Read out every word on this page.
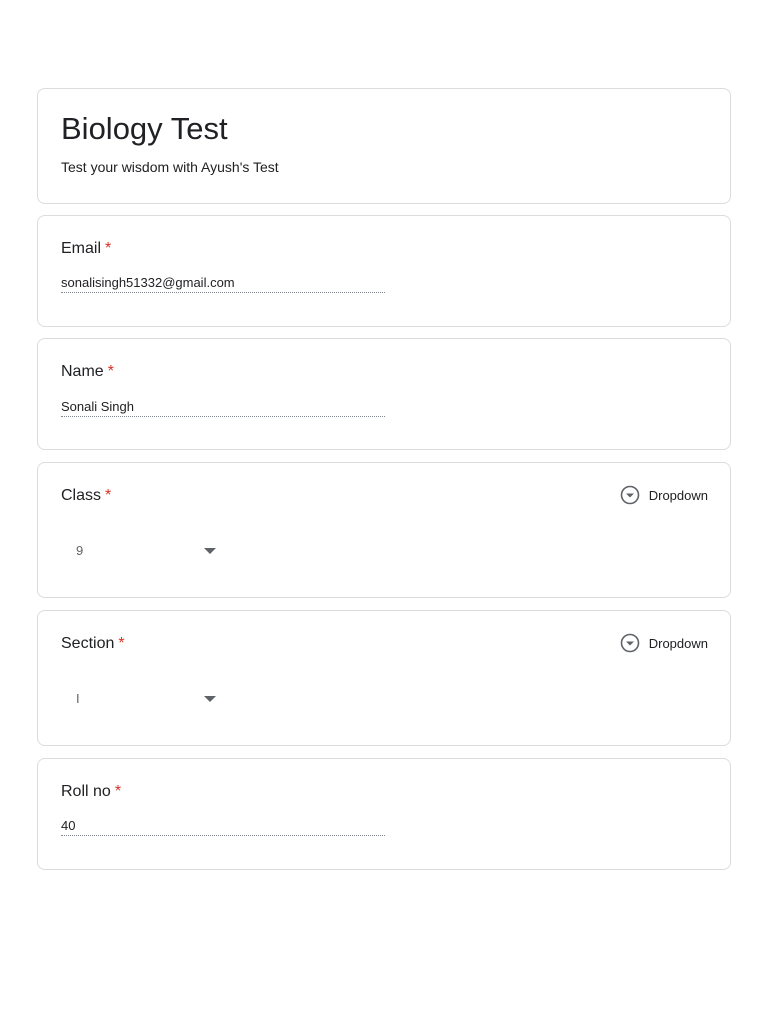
Biology Test
Test your wisdom with Ayush's Test
Email *
sonalisingh51332@gmail.com
Name *
Sonali Singh
Class *	Dropdown
9
Section *	Dropdown
I
Roll no *
40
